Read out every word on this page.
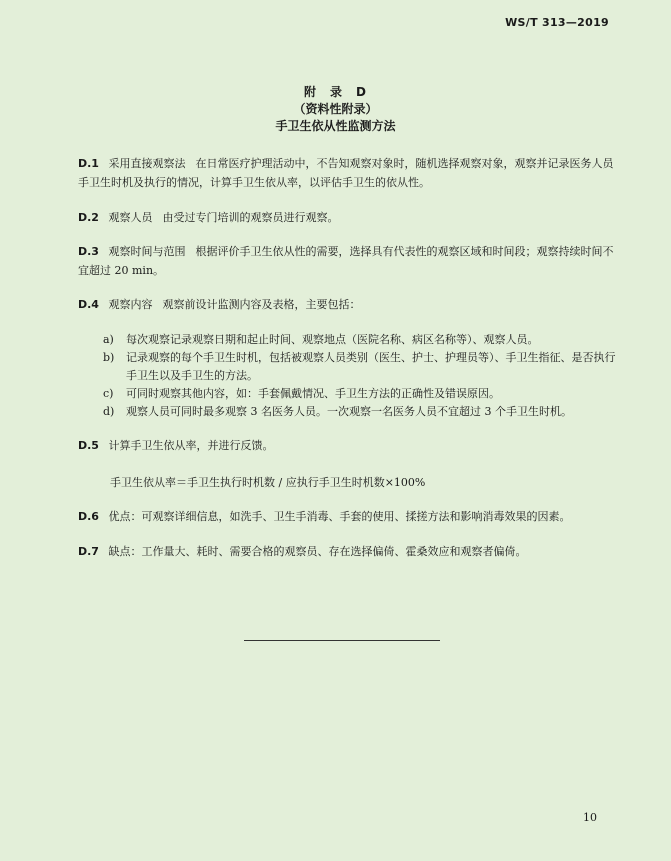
WS/T 313—2019
附　录　D
（资料性附录）
手卫生依从性监测方法
D.1 采用直接观察法 在日常医疗护理活动中，不告知观察对象时，随机选择观察对象，观察并记录医务人员手卫生时机及执行的情况，计算手卫生依从率，以评估手卫生的依从性。
D.2 观察人员 由受过专门培训的观察员进行观察。
D.3 观察时间与范围 根据评价手卫生依从性的需要，选择具有代表性的观察区域和时间段；观察持续时间不宜超过 20 min。
D.4 观察内容 观察前设计监测内容及表格，主要包括：
a) 每次观察记录观察日期和起止时间、观察地点（医院名称、病区名称等）、观察人员。
b) 记录观察的每个手卫生时机，包括被观察人员类别（医生、护士、护理员等）、手卫生指征、是否执行手卫生以及手卫生的方法。
c) 可同时观察其他内容，如：手套佩戴情况、手卫生方法的正确性及错误原因。
d) 观察人员可同时最多观察 3 名医务人员。一次观察一名医务人员不宜超过 3 个手卫生时机。
D.5 计算手卫生依从率，并进行反馈。
手卫生依从率＝手卫生执行时机数 / 应执行手卫生时机数×100%
D.6 优点：可观察详细信息，如洗手、卫生手消毒、手套的使用、揉搓方法和影响消毒效果的因素。
D.7 缺点：工作量大、耗时、需要合格的观察员、存在选择偏倚、霍桑效应和观察者偏倚。
10
